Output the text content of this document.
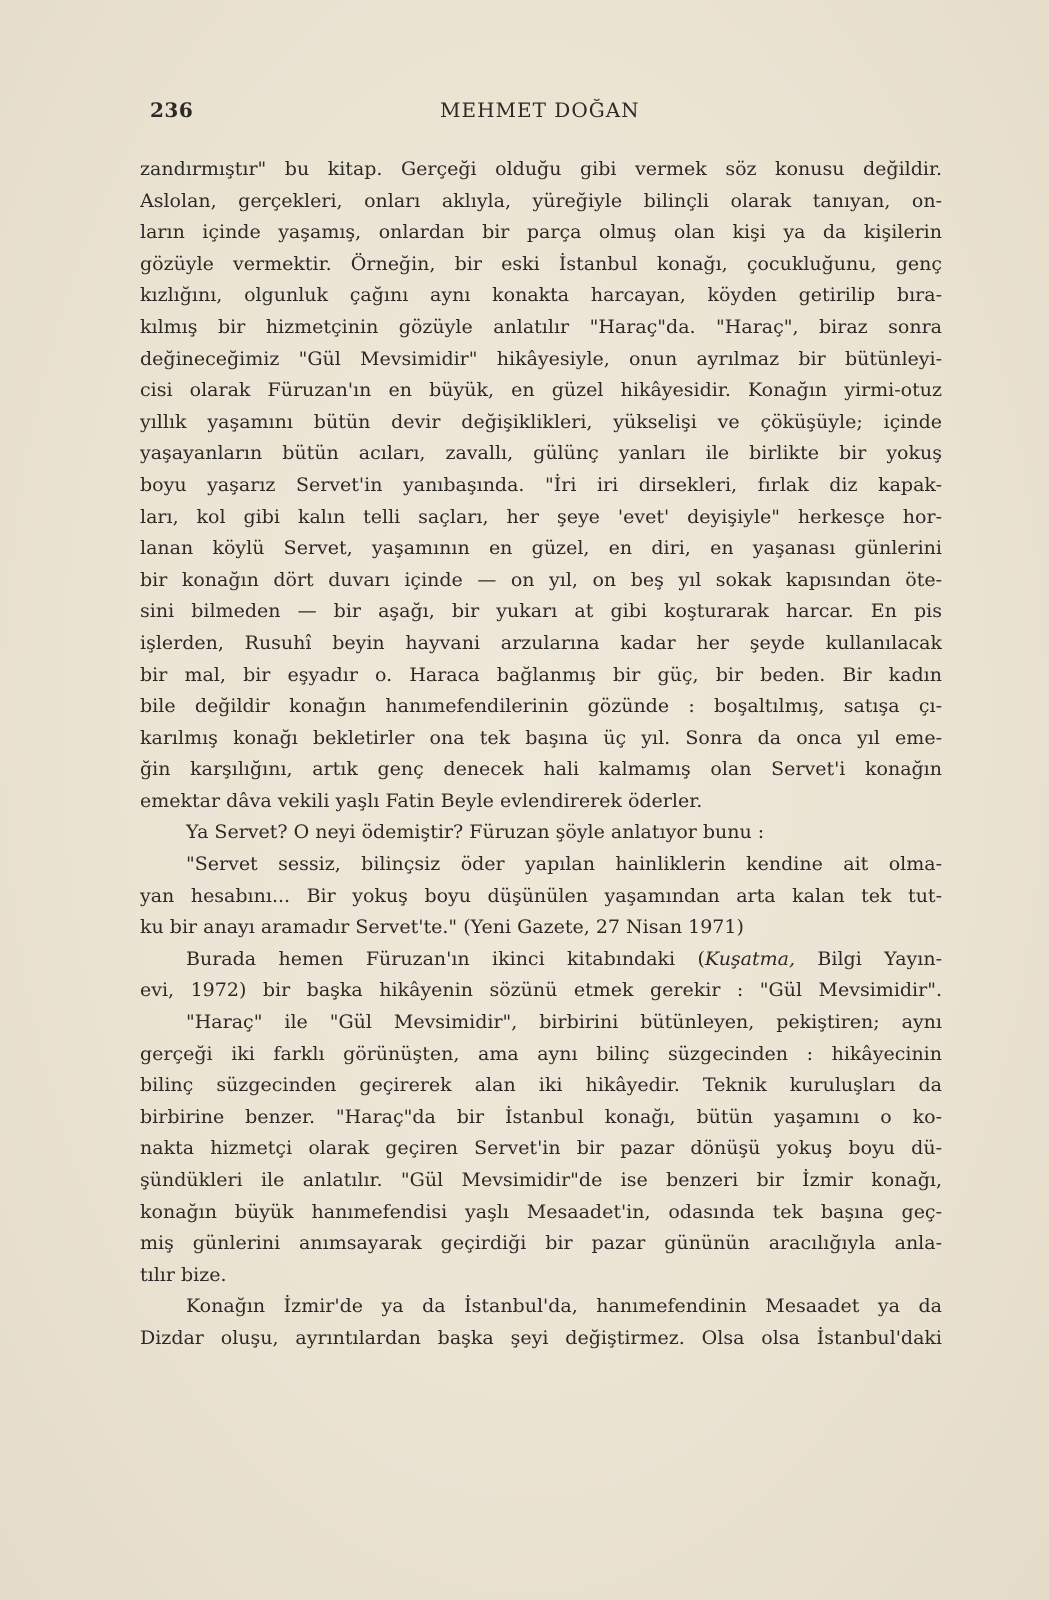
236	MEHMET DOĞAN
zandırmıştır" bu kitap. Gerçeği olduğu gibi vermek söz konusu değildir.
Aslolan, gerçekleri, onları aklıyla, yüreğiyle bilinçli olarak tanıyan, on-
ların içinde yaşamış, onlardan bir parça olmuş olan kişi ya da kişilerin
gözüyle vermektir. Örneğin, bir eski İstanbul konağı, çocukluğunu, genç
kızlığını, olgunluk çağını aynı konakta harcayan, köyden getirilip bıra-
kılmış bir hizmetçinin gözüyle anlatılır "Haraç"da. "Haraç", biraz sonra
değineceğimiz "Gül Mevsimidir" hikâyesiyle, onun ayrılmaz bir bütünleyi-
cisi olarak Füruzan'ın en büyük, en güzel hikâyesidir. Konağın yirmi-otuz
yıllık yaşamını bütün devir değişiklikleri, yükselişi ve çöküşüyle; içinde
yaşayanların bütün acıları, zavallı, gülünç yanları ile birlikte bir yokuş
boyu yaşarız Servet'in yanıbaşında. "İri iri dirsekleri, fırlak diz kapak-
ları, kol gibi kalın telli saçları, her şeye 'evet' deyişiyle" herkesçe hor-
lanan köylü Servet, yaşamının en güzel, en diri, en yaşanası günlerini
bir konağın dört duvarı içinde — on yıl, on beş yıl sokak kapısından öte-
sini bilmeden — bir aşağı, bir yukarı at gibi koşturarak harcar. En pis
işlerden, Rusuhî beyin hayvani arzularına kadar her şeyde kullanılacak
bir mal, bir eşyadır o. Haraca bağlanmış bir güç, bir beden. Bir kadın
bile değildir konağın hanımefendilerinin gözünde : boşaltılmış, satışa çı-
karılmış konağı bekletirler ona tek başına üç yıl. Sonra da onca yıl eme-
ğin karşılığını, artık genç denecek hali kalmamış olan Servet'i konağın
emektar dâva vekili yaşlı Fatin Beyle evlendirerek öderler.
Ya Servet? O neyi ödemiştir? Füruzan şöyle anlatıyor bunu :
"Servet sessiz, bilinçsiz öder yapılan hainliklerin kendine ait olma-
yan hesabını... Bir yokuş boyu düşünülen yaşamından arta kalan tek tut-
ku bir anayı aramadır Servet'te." (Yeni Gazete, 27 Nisan 1971)
Burada hemen Füruzan'ın ikinci kitabındaki (Kuşatma, Bilgi Yayın-
evi, 1972) bir başka hikâyenin sözünü etmek gerekir : "Gül Mevsimidir".
"Haraç" ile "Gül Mevsimidir", birbirini bütünleyen, pekiştiren; aynı
gerçeği iki farklı görünüşten, ama aynı bilinç süzgecinden : hikâyecinin
bilinç süzgecinden geçirerek alan iki hikâyedir. Teknik kuruluşları da
birbirine benzer. "Haraç"da bir İstanbul konağı, bütün yaşamını o ko-
nakta hizmetçi olarak geçiren Servet'in bir pazar dönüşü yokuş boyu dü-
şündükleri ile anlatılır. "Gül Mevsimidir"de ise benzeri bir İzmir konağı,
konağın büyük hanımefendisi yaşlı Mesaadet'in, odasında tek başına geç-
miş günlerini anımsayarak geçirdiği bir pazar gününün aracılığıyla anla-
tılır bize.
Konağın İzmir'de ya da İstanbul'da, hanımefendinin Mesaadet ya da
Dizdar oluşu, ayrıntılardan başka şeyi değiştirmez. Olsa olsa İstanbul'daki
